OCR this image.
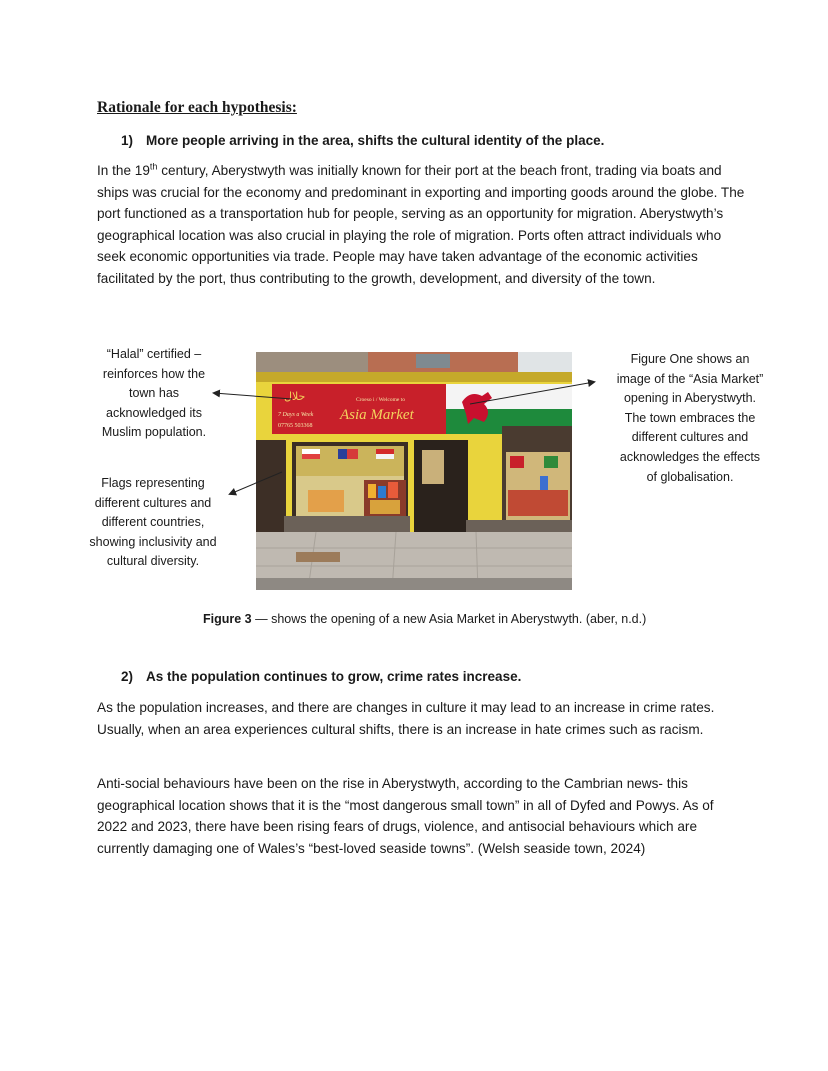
Rationale for each hypothesis:
1) More people arriving in the area, shifts the cultural identity of the place.
In the 19th century, Aberystwyth was initially known for their port at the beach front, trading via boats and ships was crucial for the economy and predominant in exporting and importing goods around the globe. The port functioned as a transportation hub for people, serving as an opportunity for migration. Aberystwyth’s geographical location was also crucial in playing the role of migration. Ports often attract individuals who seek economic opportunities via trade. People may have taken advantage of the economic activities facilitated by the port, thus contributing to the growth, development, and diversity of the town.
“Halal” certified – reinforces how the town has acknowledged its Muslim population.
Flags representing different cultures and different countries, showing inclusivity and cultural diversity.
Figure One shows an image of the “Asia Market” opening in Aberystwyth. The town embraces the different cultures and acknowledges the effects of globalisation.
حلال	Croeso i / Welcome to
Asia Market
7 Days a Week
07765 503368
Figure 3 — shows the opening of a new Asia Market in Aberystwyth. (aber, n.d.)
2) As the population continues to grow, crime rates increase.
As the population increases, and there are changes in culture it may lead to an increase in crime rates. Usually, when an area experiences cultural shifts, there is an increase in hate crimes such as racism.
Anti-social behaviours have been on the rise in Aberystwyth, according to the Cambrian news- this geographical location shows that it is the “most dangerous small town” in all of Dyfed and Powys. As of 2022 and 2023, there have been rising fears of drugs, violence, and antisocial behaviours which are currently damaging one of Wales’s “best-loved seaside towns”. (Welsh seaside town, 2024)
